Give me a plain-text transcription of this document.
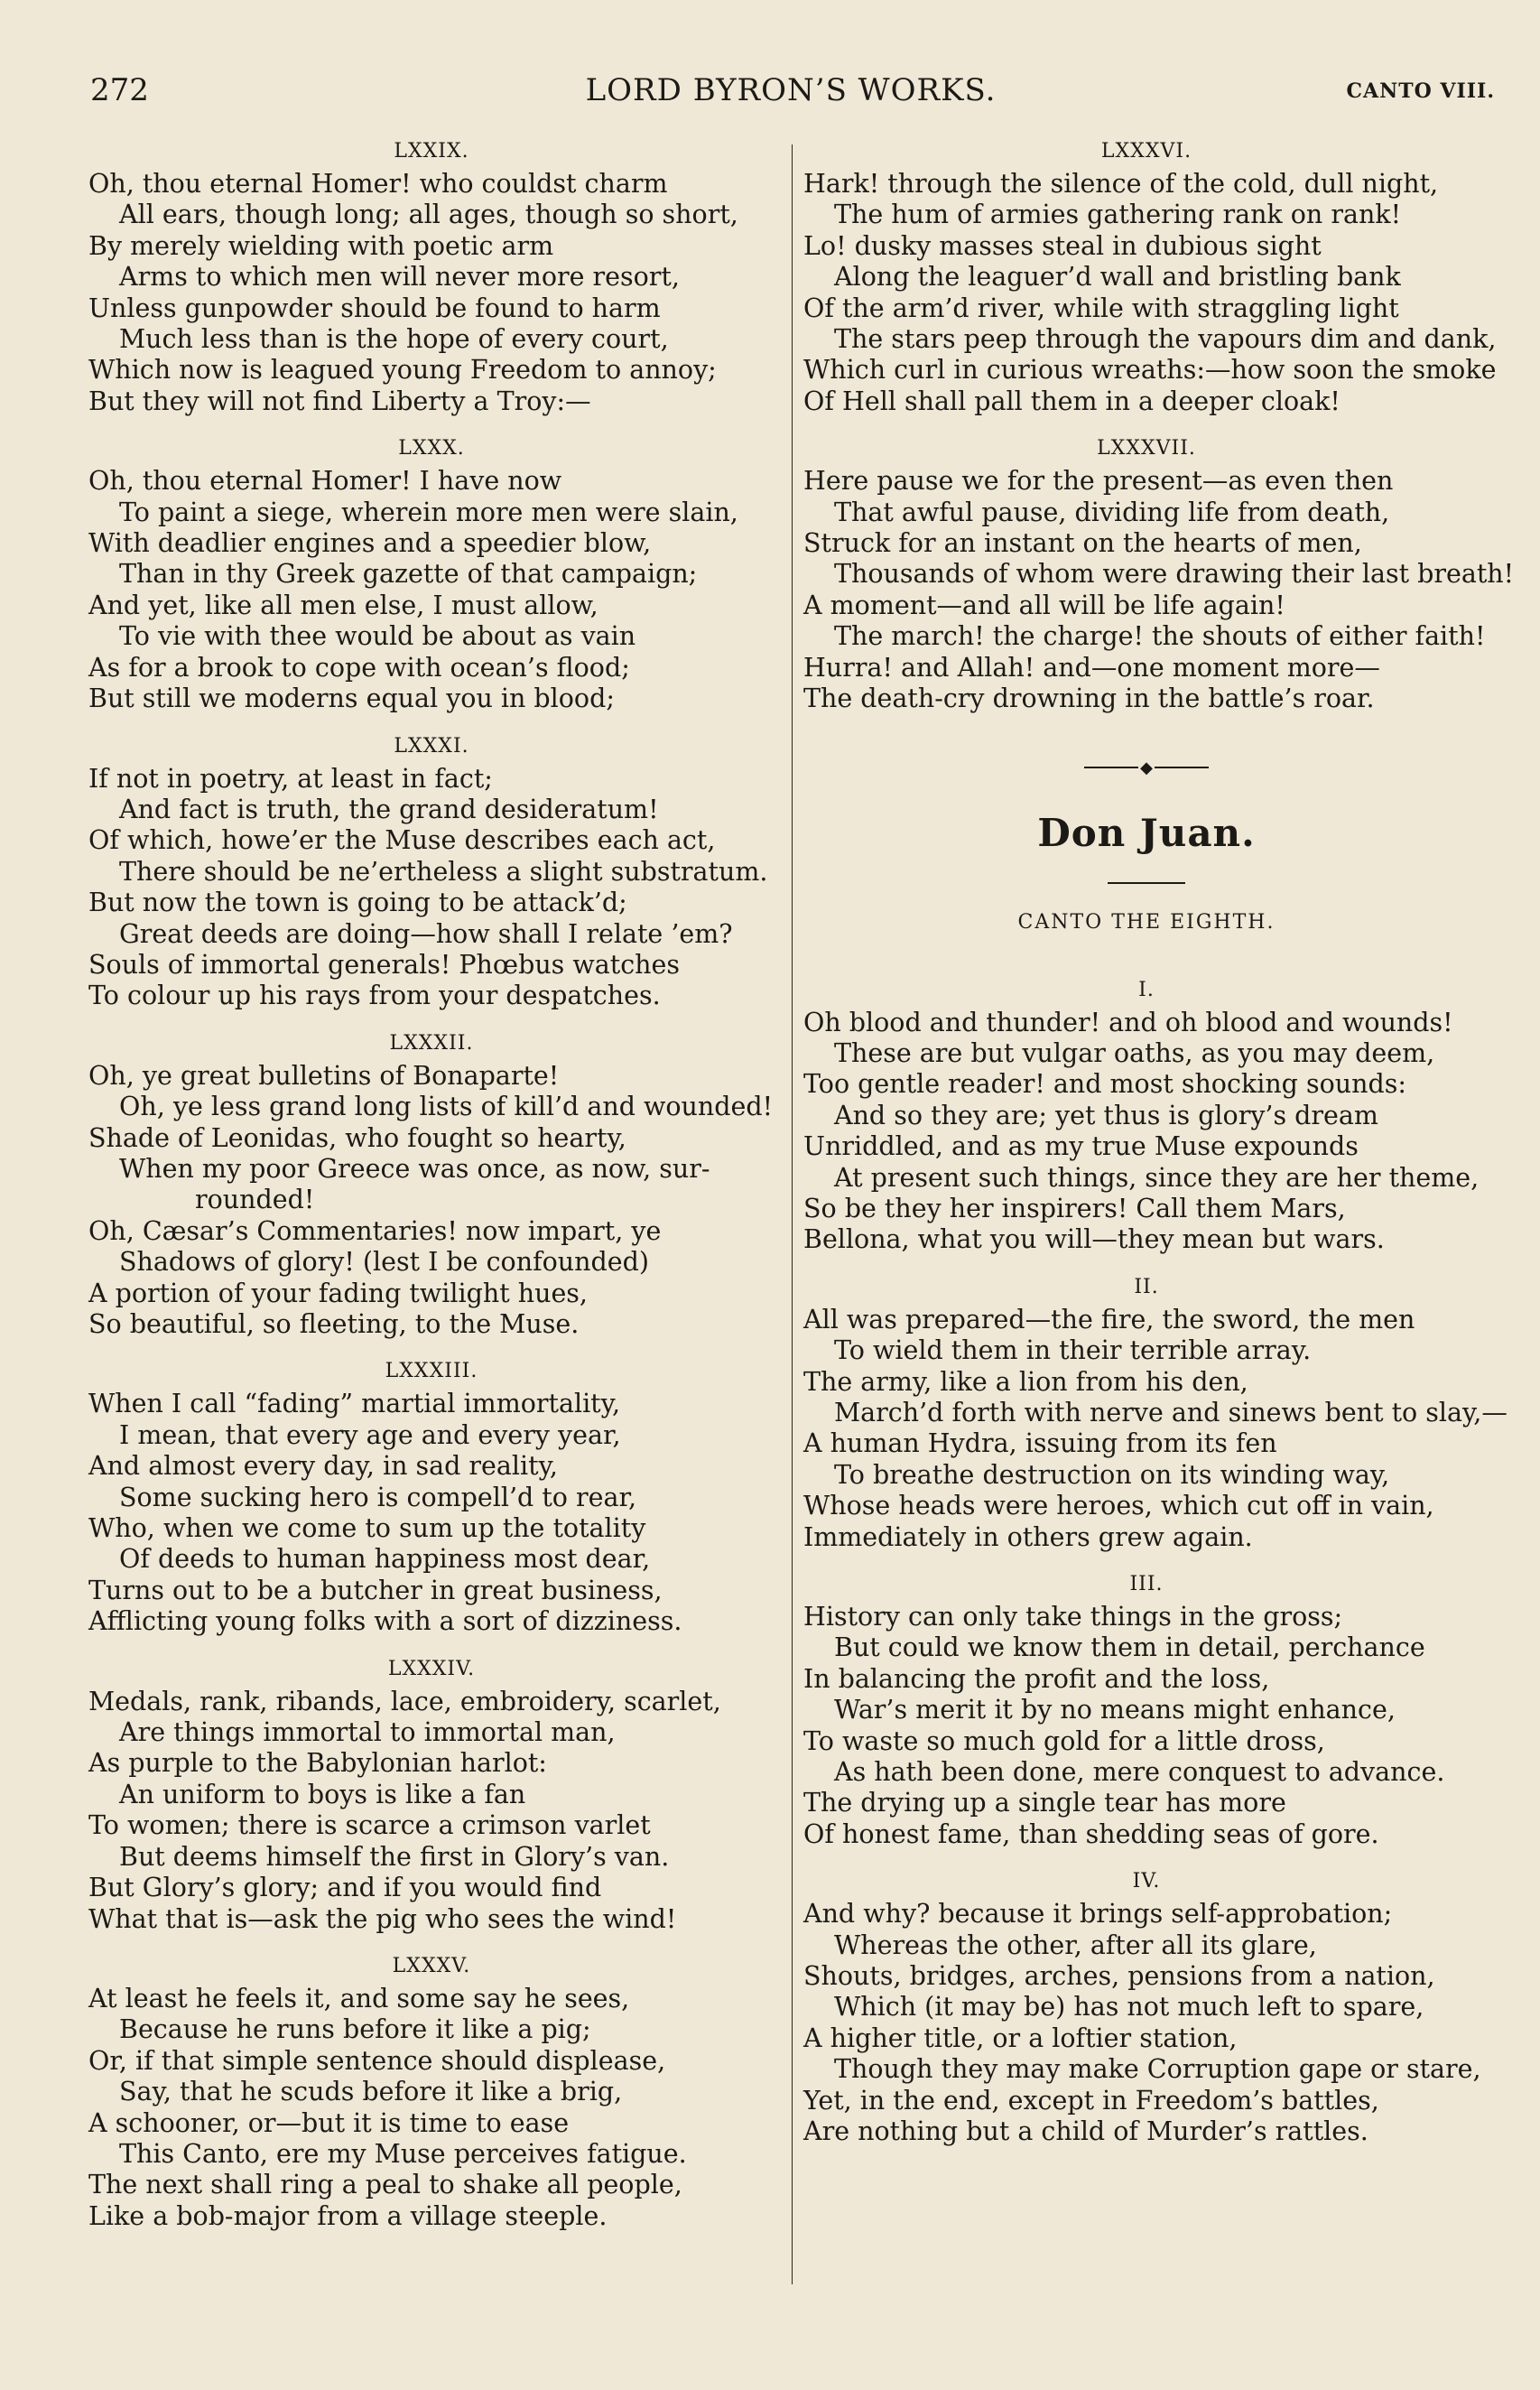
272	LORD BYRON’S WORKS.	CANTO VIII.
LXXIX.
Oh, thou eternal Homer! who couldst charm
All ears, though long; all ages, though so short,
By merely wielding with poetic arm
Arms to which men will never more resort,
Unless gunpowder should be found to harm
Much less than is the hope of every court,
Which now is leagued young Freedom to annoy;
But they will not find Liberty a Troy:—
LXXX.
Oh, thou eternal Homer! I have now
To paint a siege, wherein more men were slain,
With deadlier engines and a speedier blow,
Than in thy Greek gazette of that campaign;
And yet, like all men else, I must allow,
To vie with thee would be about as vain
As for a brook to cope with ocean’s flood;
But still we moderns equal you in blood;
LXXXI.
If not in poetry, at least in fact;
And fact is truth, the grand desideratum!
Of which, howe’er the Muse describes each act,
There should be ne’ertheless a slight substratum.
But now the town is going to be attack’d;
Great deeds are doing—how shall I relate ’em?
Souls of immortal generals! Phœbus watches
To colour up his rays from your despatches.
LXXXII.
Oh, ye great bulletins of Bonaparte!
Oh, ye less grand long lists of kill’d and wounded!
Shade of Leonidas, who fought so hearty,
When my poor Greece was once, as now, sur-
rounded!
Oh, Cæsar’s Commentaries! now impart, ye
Shadows of glory! (lest I be confounded)
A portion of your fading twilight hues,
So beautiful, so fleeting, to the Muse.
LXXXIII.
When I call “fading” martial immortality,
I mean, that every age and every year,
And almost every day, in sad reality,
Some sucking hero is compell’d to rear,
Who, when we come to sum up the totality
Of deeds to human happiness most dear,
Turns out to be a butcher in great business,
Afflicting young folks with a sort of dizziness.
LXXXIV.
Medals, rank, ribands, lace, embroidery, scarlet,
Are things immortal to immortal man,
As purple to the Babylonian harlot:
An uniform to boys is like a fan
To women; there is scarce a crimson varlet
But deems himself the first in Glory’s van.
But Glory’s glory; and if you would find
What that is—ask the pig who sees the wind!
LXXXV.
At least he feels it, and some say he sees,
Because he runs before it like a pig;
Or, if that simple sentence should displease,
Say, that he scuds before it like a brig,
A schooner, or—but it is time to ease
This Canto, ere my Muse perceives fatigue.
The next shall ring a peal to shake all people,
Like a bob-major from a village steeple.
LXXXVI.
Hark! through the silence of the cold, dull night,
The hum of armies gathering rank on rank!
Lo! dusky masses steal in dubious sight
Along the leaguer’d wall and bristling bank
Of the arm’d river, while with straggling light
The stars peep through the vapours dim and dank,
Which curl in curious wreaths:—how soon the smoke
Of Hell shall pall them in a deeper cloak!
LXXXVII.
Here pause we for the present—as even then
That awful pause, dividing life from death,
Struck for an instant on the hearts of men,
Thousands of whom were drawing their last breath!
A moment—and all will be life again!
The march! the charge! the shouts of either faith!
Hurra! and Allah! and—one moment more—
The death-cry drowning in the battle’s roar.
◆
Don Juan.
CANTO THE EIGHTH.
I.
Oh blood and thunder! and oh blood and wounds!
These are but vulgar oaths, as you may deem,
Too gentle reader! and most shocking sounds:
And so they are; yet thus is glory’s dream
Unriddled, and as my true Muse expounds
At present such things, since they are her theme,
So be they her inspirers! Call them Mars,
Bellona, what you will—they mean but wars.
II.
All was prepared—the fire, the sword, the men
To wield them in their terrible array.
The army, like a lion from his den,
March’d forth with nerve and sinews bent to slay,—
A human Hydra, issuing from its fen
To breathe destruction on its winding way,
Whose heads were heroes, which cut off in vain,
Immediately in others grew again.
III.
History can only take things in the gross;
But could we know them in detail, perchance
In balancing the profit and the loss,
War’s merit it by no means might enhance,
To waste so much gold for a little dross,
As hath been done, mere conquest to advance.
The drying up a single tear has more
Of honest fame, than shedding seas of gore.
IV.
And why? because it brings self-approbation;
Whereas the other, after all its glare,
Shouts, bridges, arches, pensions from a nation,
Which (it may be) has not much left to spare,
A higher title, or a loftier station,
Though they may make Corruption gape or stare,
Yet, in the end, except in Freedom’s battles,
Are nothing but a child of Murder’s rattles.
